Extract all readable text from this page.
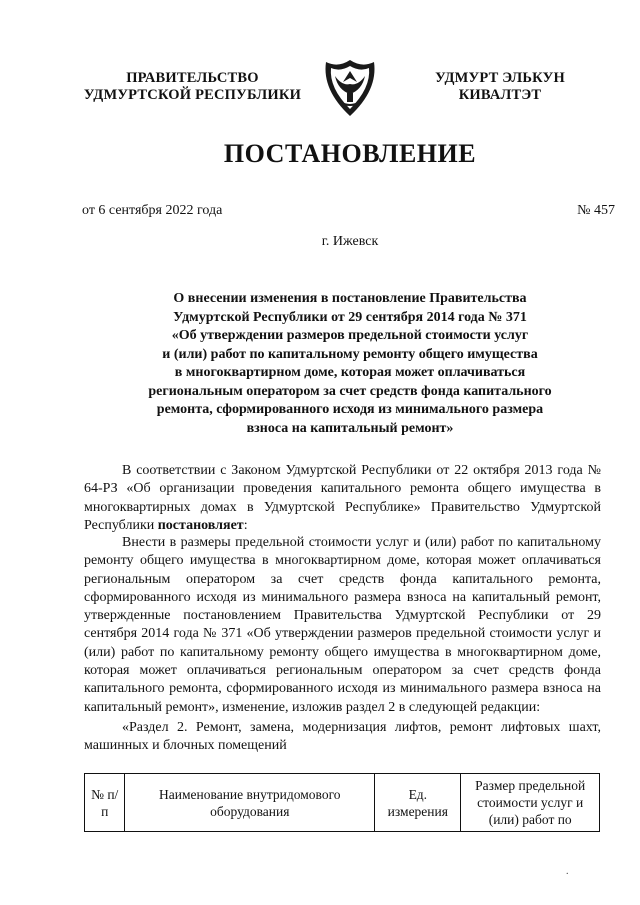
ПРАВИТЕЛЬСТВО
УДМУРТСКОЙ РЕСПУБЛИКИ
УДМУРТ ЭЛЬКУН
КИВАЛТЭТ
ПОСТАНОВЛЕНИЕ
от 6 сентября 2022 года	№ 457
г. Ижевск
О внесении изменения в постановление Правительства
Удмуртской Республики от 29 сентября 2014 года № 371
«Об утверждении размеров предельной стоимости услуг
и (или) работ по капитальному ремонту общего имущества
в многоквартирном доме, которая может оплачиваться
региональным оператором за счет средств фонда капитального
ремонта, сформированного исходя из минимального размера
взноса на капитальный ремонт»
В соответствии с Законом Удмуртской Республики от 22 октября 2013 года № 64-РЗ «Об организации проведения капитального ремонта общего имущества в многоквартирных домах в Удмуртской Республике» Правительство Удмуртской Республики постановляет:
Внести в размеры предельной стоимости услуг и (или) работ по капитальному ремонту общего имущества в многоквартирном доме, которая может оплачиваться региональным оператором за счет средств фонда капитального ремонта, сформированного исходя из минимального размера взноса на капитальный ремонт, утвержденные постановлением Правительства Удмуртской Республики от 29 сентября 2014 года № 371 «Об утверждении размеров предельной стоимости услуг и (или) работ по капитальному ремонту общего имущества в многоквартирном доме, которая может оплачиваться региональным оператором за счет средств фонда капитального ремонта, сформированного исходя из минимального размера взноса на капитальный ремонт», изменение, изложив раздел 2 в следующей редакции:
«Раздел 2. Ремонт, замена, модернизация лифтов, ремонт лифтовых шахт, машинных и блочных помещений
№ п/п	Наименование внутридомового оборудования	Ед. измерения	Размер предельной стоимости услуг и (или) работ по
.
